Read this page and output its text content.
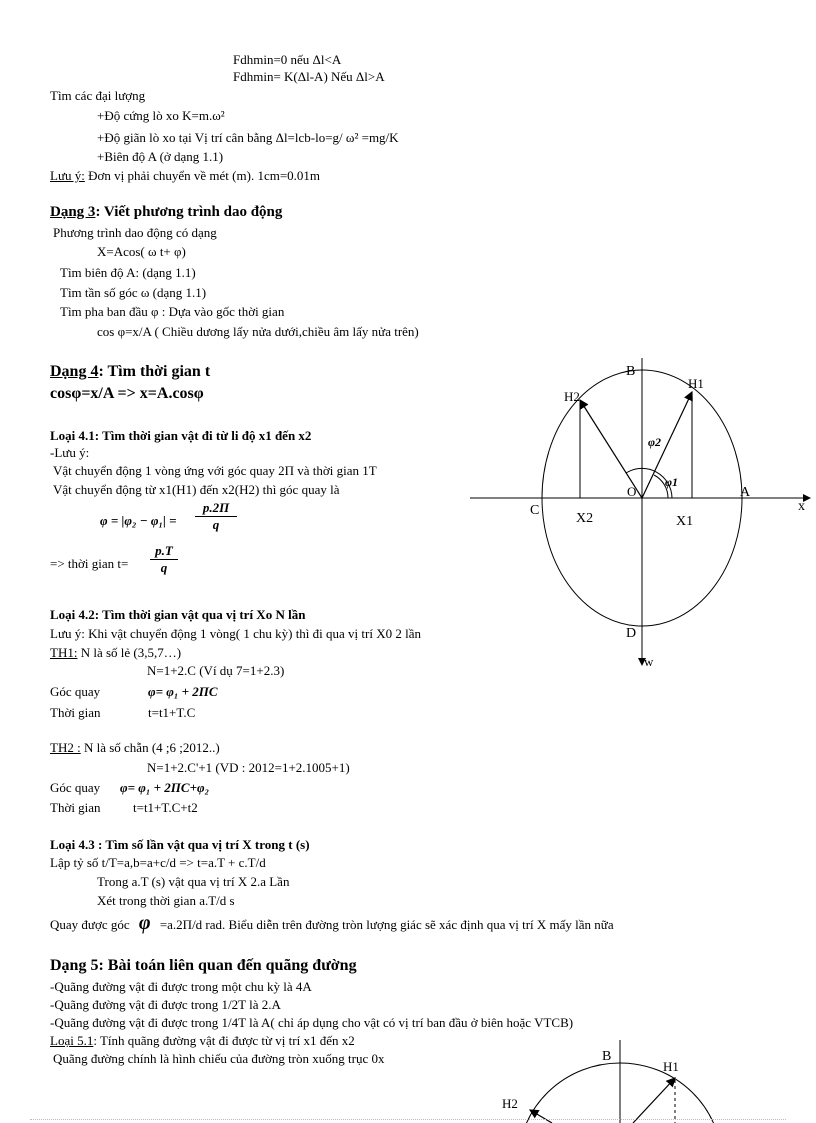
Fdhmin=0 nếu Δl<A
Fdhmin= K(Δl-A) Nếu Δl>A
Tìm các đại lượng
+Độ cứng lò xo K=m.ω²
+Độ giãn lò xo tại Vị trí cân bằng Δl=lcb-lo=g/ ω² =mg/K
+Biên độ A (ở dạng 1.1)
Lưu ý: Đơn vị phải chuyển về mét (m). 1cm=0.01m
Dạng 3: Viết phương trình dao động
Phương trình dao động có dạng
X=Acos( ω t+ φ)
Tìm biên độ A: (dạng 1.1)
Tìm tần số góc ω (dạng 1.1)
Tìm pha ban đầu φ : Dựa vào gốc thời gian
cos φ=x/A ( Chiều dương lấy nửa dưới,chiều âm lấy nửa trên)
Dạng 4: Tìm thời gian t
cosφ=x/A => x=A.cosφ
Loại 4.1: Tìm thời gian vật đi từ li độ x1 đến x2
-Lưu ý:
Vật chuyển động 1 vòng ứng với góc quay 2Π và thời gian 1T
Vật chuyển động từ x1(H1) đến x2(H2) thì góc quay là
$\varphi = |\varphi_2 - \varphi_1| = \frac{p.2\Pi}{q}$
=> thời gian $t= \frac{p.T}{q}$
Loại 4.2: Tìm thời gian vật qua vị trí Xo N lần
Lưu ý: Khi vật chuyển động 1 vòng( 1 chu kỳ) thì đi qua vị trí X0 2 lần
TH1: N là số lẻ (3,5,7…)
N=1+2.C (Ví dụ 7=1+2.3)
Góc quay	φ= φ₁ + 2ΠC
Thời gian	t=t1+T.C
TH2 : N là số chẵn (4 ;6 ;2012..)
N=1+2.C'+1 (VD : 2012=1+2.1005+1)
Góc quay φ= φ₁ + 2ΠC+φ₂
Thời gian t=t1+T.C+t2
Loại 4.3 : Tìm số lần vật qua vị trí X trong t (s)
Lập tỷ số t/T=a,b=a+c/d => t=a.T + c.T/d
Trong a.T (s) vật qua vị trí X 2.a Lần
Xét trong thời gian a.T/d s
Quay được góc φ =a.2Π/d rad. Biểu diễn trên đường tròn lượng giác sẽ xác định qua vị trí X mấy lần nữa
Dạng 5: Bài toán liên quan đến quãng đường
-Quãng đường vật đi được trong một chu kỳ là 4A
-Quãng đường vật đi được trong 1/2T là 2.A
-Quãng đường vật đi được trong 1/4T là A( chỉ áp dụng cho vật có vị trí ban đầu ở biên hoặc VTCB)
Loại 5.1: Tính quãng đường vật đi được từ vị trí x1 đến x2
Quãng đường chính là hình chiếu của đường tròn xuống trục 0x
B
H1
H2
C
A
O
X2	X1
D
x
w
φ1
φ2
B
H1
H2
